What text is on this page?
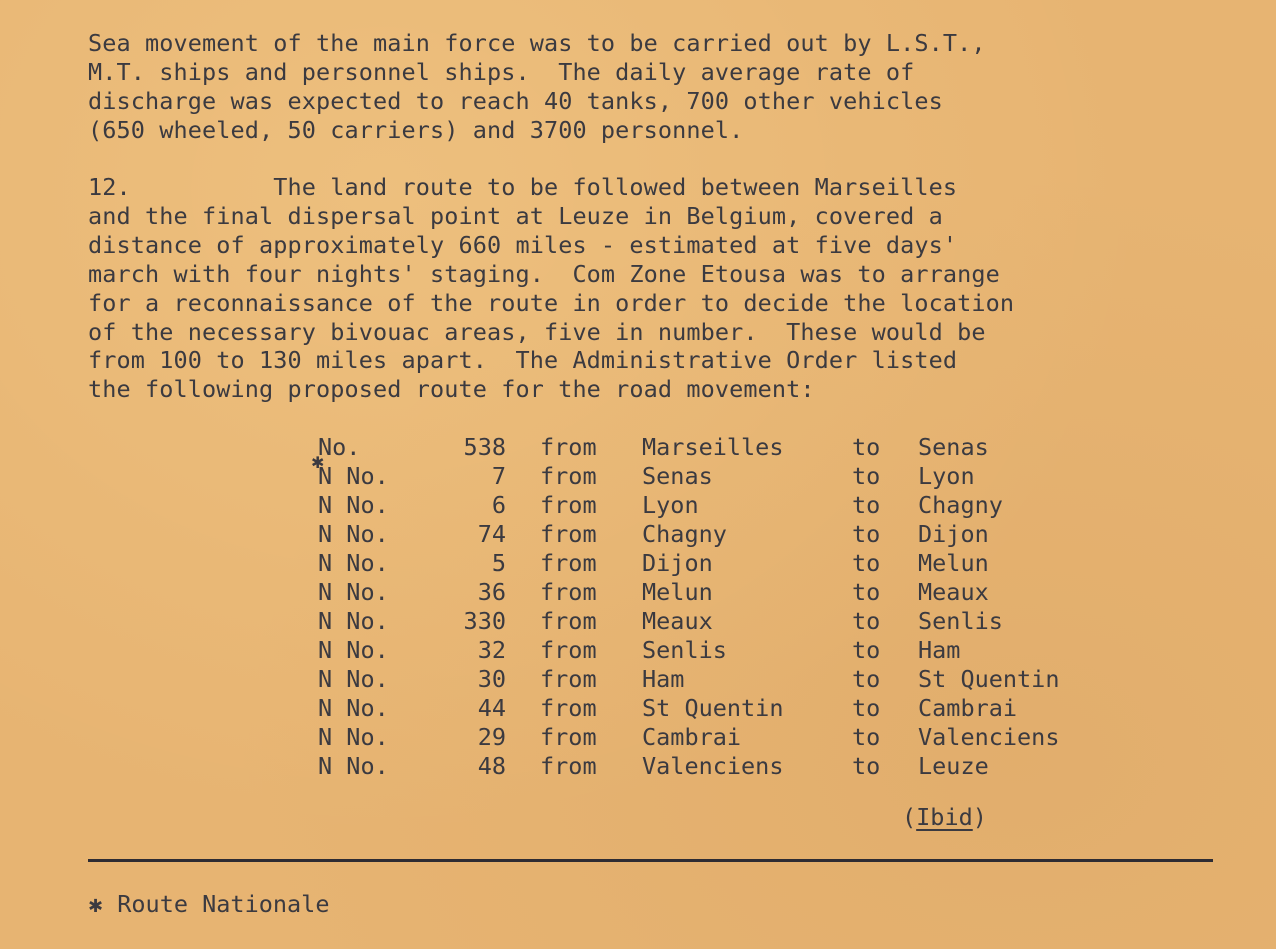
Sea movement of the main force was to be carried out by L.S.T.,
M.T. ships and personnel ships.  The daily average rate of
discharge was expected to reach 40 tanks, 700 other vehicles
(650 wheeled, 50 carriers) and 3700 personnel.

12.          The land route to be followed between Marseilles
and the final dispersal point at Leuze in Belgium, covered a
distance of approximately 660 miles - estimated at five days'
march with four nights' staging.  Com Zone Etousa was to arrange
for a reconnaissance of the route in order to decide the location
of the necessary bivouac areas, five in number.  These would be
from 100 to 130 miles apart.  The Administrative Order listed
the following proposed route for the road movement:

✱
No.	538 from Marseilles	to Senas
N No.	7 from Senas	to Lyon
N No.	6 from Lyon	to Chagny
N No.	74 from Chagny	to Dijon
N No.	5 from Dijon	to Melun
N No.	36 from Melun	to Meaux
N No.	330 from Meaux	to Senlis
N No.	32 from Senlis	to Ham
N No.	30 from Ham	to St Quentin
N No.	44 from St Quentin	to Cambrai
N No.	29 from Cambrai	to Valenciens
N No.	48 from Valenciens	to Leuze
(Ibid)
✱ Route Nationale
